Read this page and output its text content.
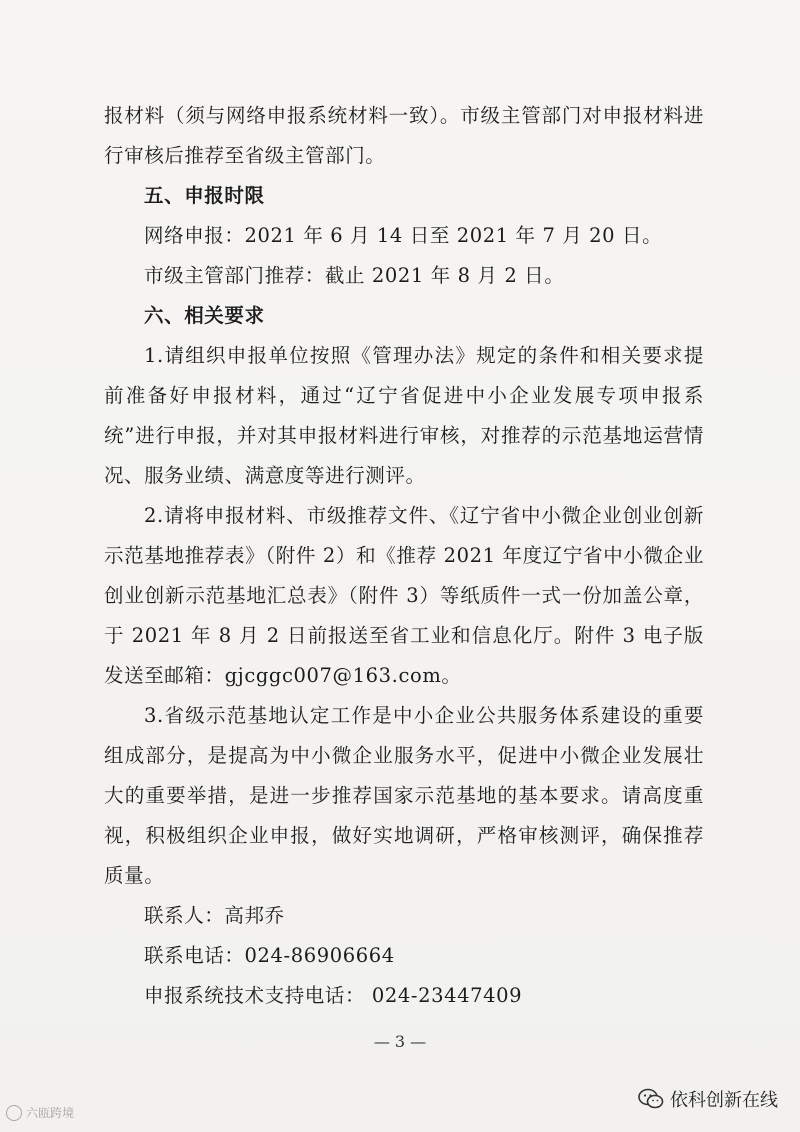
报材料（须与网络申报系统材料一致）。市级主管部门对申报材料进行审核后推荐至省级主管部门。

五、申报时限

网络申报：2021 年 6 月 14 日至 2021 年 7 月 20 日。

市级主管部门推荐：截止 2021 年 8 月 2 日。

六、相关要求

1.请组织申报单位按照《管理办法》规定的条件和相关要求提前准备好申报材料，通过“辽宁省促进中小企业发展专项申报系统”进行申报，并对其申报材料进行审核，对推荐的示范基地运营情况、服务业绩、满意度等进行测评。

2.请将申报材料、市级推荐文件、《辽宁省中小微企业创业创新示范基地推荐表》（附件 2）和《推荐 2021 年度辽宁省中小微企业创业创新示范基地汇总表》（附件 3）等纸质件一式一份加盖公章，于 2021 年 8 月 2 日前报送至省工业和信息化厅。附件 3 电子版发送至邮箱：gjcggc007@163.com。

3.省级示范基地认定工作是中小企业公共服务体系建设的重要组成部分，是提高为中小微企业服务水平，促进中小微企业发展壮大的重要举措，是进一步推荐国家示范基地的基本要求。请高度重视，积极组织企业申报，做好实地调研，严格审核测评，确保推荐质量。

联系人：高邦乔

联系电话：024-86906664

申报系统技术支持电话： 024-23447409

— 3 —
六瓯跨境
依科创新在线
